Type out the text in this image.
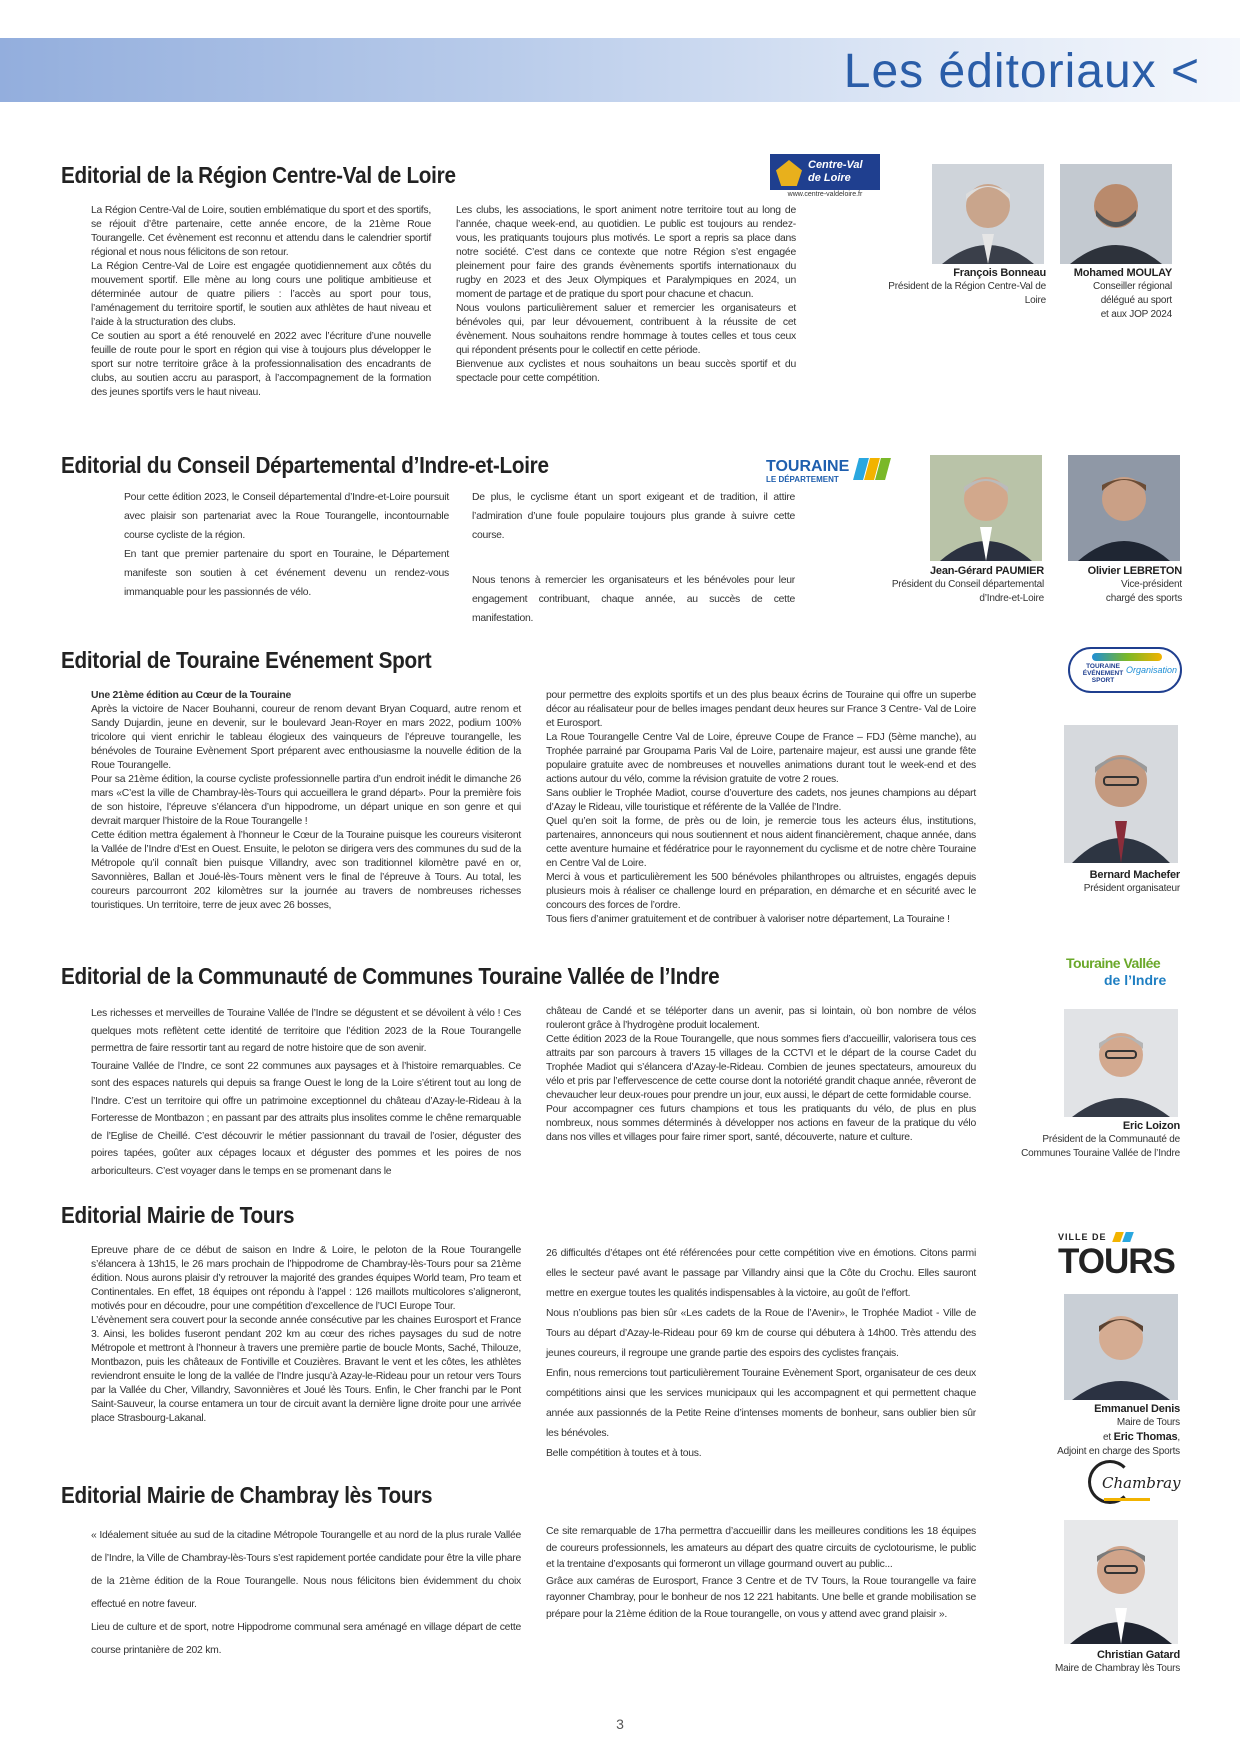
Les éditoriaux <
Editorial de la Région Centre-Val de Loire	Centre-Val de Loire
www.centre-valdeloire.fr

La Région Centre-Val de Loire, soutien emblématique du sport et des sportifs, se réjouit d’être partenaire, cette année encore, de la 21ème Roue Tourangelle. Cet évènement est reconnu et attendu dans le calendrier sportif régional et nous nous félicitons de son retour.

La Région Centre-Val de Loire est engagée quotidiennement aux côtés du mouvement sportif. Elle mène au long cours une politique ambitieuse et déterminée autour de quatre piliers : l’accès au sport pour tous, l’aménagement du territoire sportif, le soutien aux athlètes de haut niveau et l’aide à la structuration des clubs.

Ce soutien au sport a été renouvelé en 2022 avec l’écriture d’une nouvelle feuille de route pour le sport en région qui vise à toujours plus développer le sport sur notre territoire grâce à la professionnalisation des encadrants de clubs, au soutien accru au parasport, à l’accompagnement de la formation des jeunes sportifs vers le haut niveau.

Les clubs, les associations, le sport animent notre territoire tout au long de l’année, chaque week-end, au quotidien. Le public est toujours au rendez-vous, les pratiquants toujours plus motivés. Le sport a repris sa place dans notre société. C’est dans ce contexte que notre Région s’est engagée pleinement pour faire des grands évènements sportifs internationaux du rugby en 2023 et des Jeux Olympiques et Paralympiques en 2024, un moment de partage et de pratique du sport pour chacune et chacun.

Nous voulons particulièrement saluer et remercier les organisateurs et bénévoles qui, par leur dévouement, contribuent à la réussite de cet évènement. Nous souhaitons rendre hommage à toutes celles et tous ceux qui répondent présents pour le collectif en cette période.

Bienvenue aux cyclistes et nous souhaitons un beau succès sportif et du spectacle pour cette compétition.

François Bonneau
Président de la Région Centre-Val de Loire
Mohamed MOULAY
Conseiller régional
délégué au sport
et aux JOP 2024
Editorial du Conseil Départemental d’Indre-et-Loire	TOURAINE
LE DÉPARTEMENT

Pour cette édition 2023, le Conseil départemental d’Indre-et-Loire poursuit avec plaisir son partenariat avec la Roue Tourangelle, incontournable course cycliste de la région.

En tant que premier partenaire du sport en Touraine, le Département manifeste son soutien à cet événement devenu un rendez-vous immanquable pour les passionnés de vélo.

De plus, le cyclisme étant un sport exigeant et de tradition, il attire l’admiration d’une foule populaire toujours plus grande à suivre cette course.

Nous tenons à remercier les organisateurs et les bénévoles pour leur engagement contribuant, chaque année, au succès de cette manifestation.

Jean-Gérard PAUMIER
Président du Conseil départemental
d’Indre-et-Loire
Olivier LEBRETON
Vice-président
chargé des sports
Editorial de Touraine Evénement Sport	TOURAINE
ÉVÉNEMENT
SPORT
Organisation

Une 21ème édition au Cœur de la Touraine

Après la victoire de Nacer Bouhanni, coureur de renom devant Bryan Coquard, autre renom et Sandy Dujardin, jeune en devenir, sur le boulevard Jean-Royer en mars 2022, podium 100% tricolore qui vient enrichir le tableau élogieux des vainqueurs de l’épreuve tourangelle, les bénévoles de Touraine Evènement Sport préparent avec enthousiasme la nouvelle édition de la Roue Tourangelle.

Pour sa 21ème édition, la course cycliste professionnelle partira d’un endroit inédit le dimanche 26 mars «C’est la ville de Chambray-lès-Tours qui accueillera le grand départ». Pour la première fois de son histoire, l’épreuve s’élancera d’un hippodrome, un départ unique en son genre et qui devrait marquer l’histoire de la Roue Tourangelle !

Cette édition mettra également à l’honneur le Cœur de la Touraine puisque les coureurs visiteront la Vallée de l’Indre d’Est en Ouest. Ensuite, le peloton se dirigera vers des communes du sud de la Métropole qu’il connaît bien puisque Villandry, avec son traditionnel kilomètre pavé en or, Savonnières, Ballan et Joué-lès-Tours mènent vers le final de l’épreuve à Tours. Au total, les coureurs parcourront 202 kilomètres sur la journée au travers de nombreuses richesses touristiques. Un territoire, terre de jeux avec 26 bosses,

pour permettre des exploits sportifs et un des plus beaux écrins de Touraine qui offre un superbe décor au réalisateur pour de belles images pendant deux heures sur France 3 Centre- Val de Loire et Eurosport.

La Roue Tourangelle Centre Val de Loire, épreuve Coupe de France – FDJ (5ème manche), au Trophée parrainé par Groupama Paris Val de Loire, partenaire majeur, est aussi une grande fête populaire gratuite avec de nombreuses et nouvelles animations durant tout le week-end et des actions autour du vélo, comme la révision gratuite de votre 2 roues.

Sans oublier le Trophée Madiot, course d’ouverture des cadets, nos jeunes champions au départ d’Azay le Rideau, ville touristique et référente de la Vallée de l’Indre.

Quel qu’en soit la forme, de près ou de loin, je remercie tous les acteurs élus, institutions, partenaires, annonceurs qui nous soutiennent et nous aident financièrement, chaque année, dans cette aventure humaine et fédératrice pour le rayonnement du cyclisme et de notre chère Touraine en Centre Val de Loire.

Merci à vous et particulièrement les 500 bénévoles philanthropes ou altruistes, engagés depuis plusieurs mois à réaliser ce challenge lourd en préparation, en démarche et en sécurité avec le concours des forces de l’ordre.

Tous fiers d’animer gratuitement et de contribuer à valoriser notre département, La Touraine !

Bernard Machefer
Président organisateur
Editorial de la Communauté de Communes Touraine Vallée de l’Indre	Touraine Vallée
de l’Indre

Les richesses et merveilles de Touraine Vallée de l’Indre se dégustent et se dévoilent à vélo ! Ces quelques mots reflètent cette identité de territoire que l’édition 2023 de la Roue Tourangelle permettra de faire ressortir tant au regard de notre histoire que de son avenir.

Touraine Vallée de l’Indre, ce sont 22 communes aux paysages et à l’histoire remarquables. Ce sont des espaces naturels qui depuis sa frange Ouest le long de la Loire s’étirent tout au long de l’Indre. C’est un territoire qui offre un patrimoine exceptionnel du château d’Azay-le-Rideau à la Forteresse de Montbazon ; en passant par des attraits plus insolites comme le chêne remarquable de l’Eglise de Cheillé. C’est découvrir le métier passionnant du travail de l’osier, déguster des poires tapées, goûter aux cépages locaux et déguster des pommes et les poires de nos arboriculteurs. C’est voyager dans le temps en se promenant dans le

château de Candé et se téléporter dans un avenir, pas si lointain, où bon nombre de vélos rouleront grâce à l’hydrogène produit localement.

Cette édition 2023 de la Roue Tourangelle, que nous sommes fiers d’accueillir, valorisera tous ces attraits par son parcours à travers 15 villages de la CCTVI et le départ de la course Cadet du Trophée Madiot qui s’élancera d’Azay-le-Rideau. Combien de jeunes spectateurs, amoureux du vélo et pris par l’effervescence de cette course dont la notoriété grandit chaque année, rêveront de chevaucher leur deux-roues pour prendre un jour, eux aussi, le départ de cette formidable course.

Pour accompagner ces futurs champions et tous les pratiquants du vélo, de plus en plus nombreux, nous sommes déterminés à développer nos actions en faveur de la pratique du vélo dans nos villes et villages pour faire rimer sport, santé, découverte, nature et culture.

Eric Loizon
Président de la Communauté de
Communes Touraine Vallée de l’Indre
Editorial Mairie de Tours
VILLE DE
TOURS

Epreuve phare de ce début de saison en Indre & Loire, le peloton de la Roue Tourangelle s’élancera à 13h15, le 26 mars prochain de l’hippodrome de Chambray-lès-Tours pour sa 21ème édition. Nous aurons plaisir d’y retrouver la majorité des grandes équipes World team, Pro team et Continentales. En effet, 18 équipes ont répondu à l’appel : 126 maillots multicolores s’aligneront, motivés pour en découdre, pour une compétition d’excellence de l’UCI Europe Tour.

L’évènement sera couvert pour la seconde année consécutive par les chaines Eurosport et France 3. Ainsi, les bolides fuseront pendant 202 km au cœur des riches paysages du sud de notre Métropole et mettront à l’honneur à travers une première partie de boucle Monts, Saché, Thilouze, Montbazon, puis les châteaux de Fontiville et Couzières. Bravant le vent et les côtes, les athlètes reviendront ensuite le long de la vallée de l’Indre jusqu’à Azay-le-Rideau pour un retour vers Tours par la Vallée du Cher, Villandry, Savonnières et Joué lès Tours. Enfin, le Cher franchi par le Pont Saint-Sauveur, la course entamera un tour de circuit avant la dernière ligne droite pour une arrivée place Strasbourg-Lakanal.

26 difficultés d’étapes ont été référencées pour cette compétition vive en émotions. Citons parmi elles le secteur pavé avant le passage par Villandry ainsi que la Côte du Crochu. Elles sauront mettre en exergue toutes les qualités indispensables à la victoire, au goût de l’effort.

Nous n’oublions pas bien sûr «Les cadets de la Roue de l’Avenir», le Trophée Madiot - Ville de Tours au départ d’Azay-le-Rideau pour 69 km de course qui débutera à 14h00. Très attendu des jeunes coureurs, il regroupe une grande partie des espoirs des cyclistes français.

Enfin, nous remercions tout particulièrement Touraine Evènement Sport, organisateur de ces deux compétitions ainsi que les services municipaux qui les accompagnent et qui permettent chaque année aux passionnés de la Petite Reine d’intenses moments de bonheur, sans oublier bien sûr les bénévoles.

Belle compétition à toutes et à tous.

Emmanuel Denis
Maire de Tours
et Eric Thomas,
Adjoint en charge des Sports
Editorial Mairie de Chambray lès Tours	Chambray

« Idéalement située au sud de la citadine Métropole Tourangelle et au nord de la plus rurale Vallée de l’Indre, la Ville de Chambray-lès-Tours s’est rapidement portée candidate pour être la ville phare de la 21ème édition de la Roue Tourangelle. Nous nous félicitons bien évidemment du choix effectué en notre faveur.

Lieu de culture et de sport, notre Hippodrome communal sera aménagé en village départ de cette course printanière de 202 km.

Ce site remarquable de 17ha permettra d’accueillir dans les meilleures conditions les 18 équipes de coureurs professionnels, les amateurs au départ des quatre circuits de cyclotourisme, le public et la trentaine d’exposants qui formeront un village gourmand ouvert au public...

Grâce aux caméras de Eurosport, France 3 Centre et de TV Tours, la Roue tourangelle va faire rayonner Chambray, pour le bonheur de nos 12 221 habitants. Une belle et grande mobilisation se prépare pour la 21ème édition de la Roue tourangelle, on vous y attend avec grand plaisir ».

Christian Gatard
Maire de Chambray lès Tours
3
